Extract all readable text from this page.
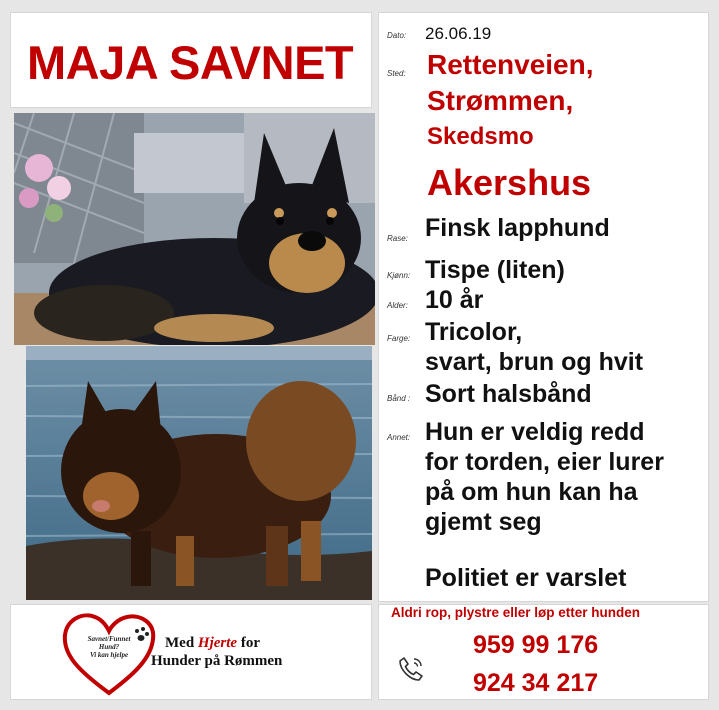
MAJA SAVNET
Dato: 26.06.19
Sted: Rettenveien,
Strømmen,
Skedsmo
Akershus
Rase: Finsk lapphund
Kjønn: Tispe (liten)
Alder: 10 år
Farge: Tricolor,
svart, brun og hvit
Bånd : Sort halsbånd
Annet: Hun er veldig redd
for torden, eier lurer
på om hun kan ha
gjemt seg
Politiet er varslet
Savnet/Funnet
Hund?
Vi kan hjelpe
Med Hjerte for
Hunder på Rømmen
Aldri rop, plystre eller løp etter hunden
959 99 176
924 34 217
